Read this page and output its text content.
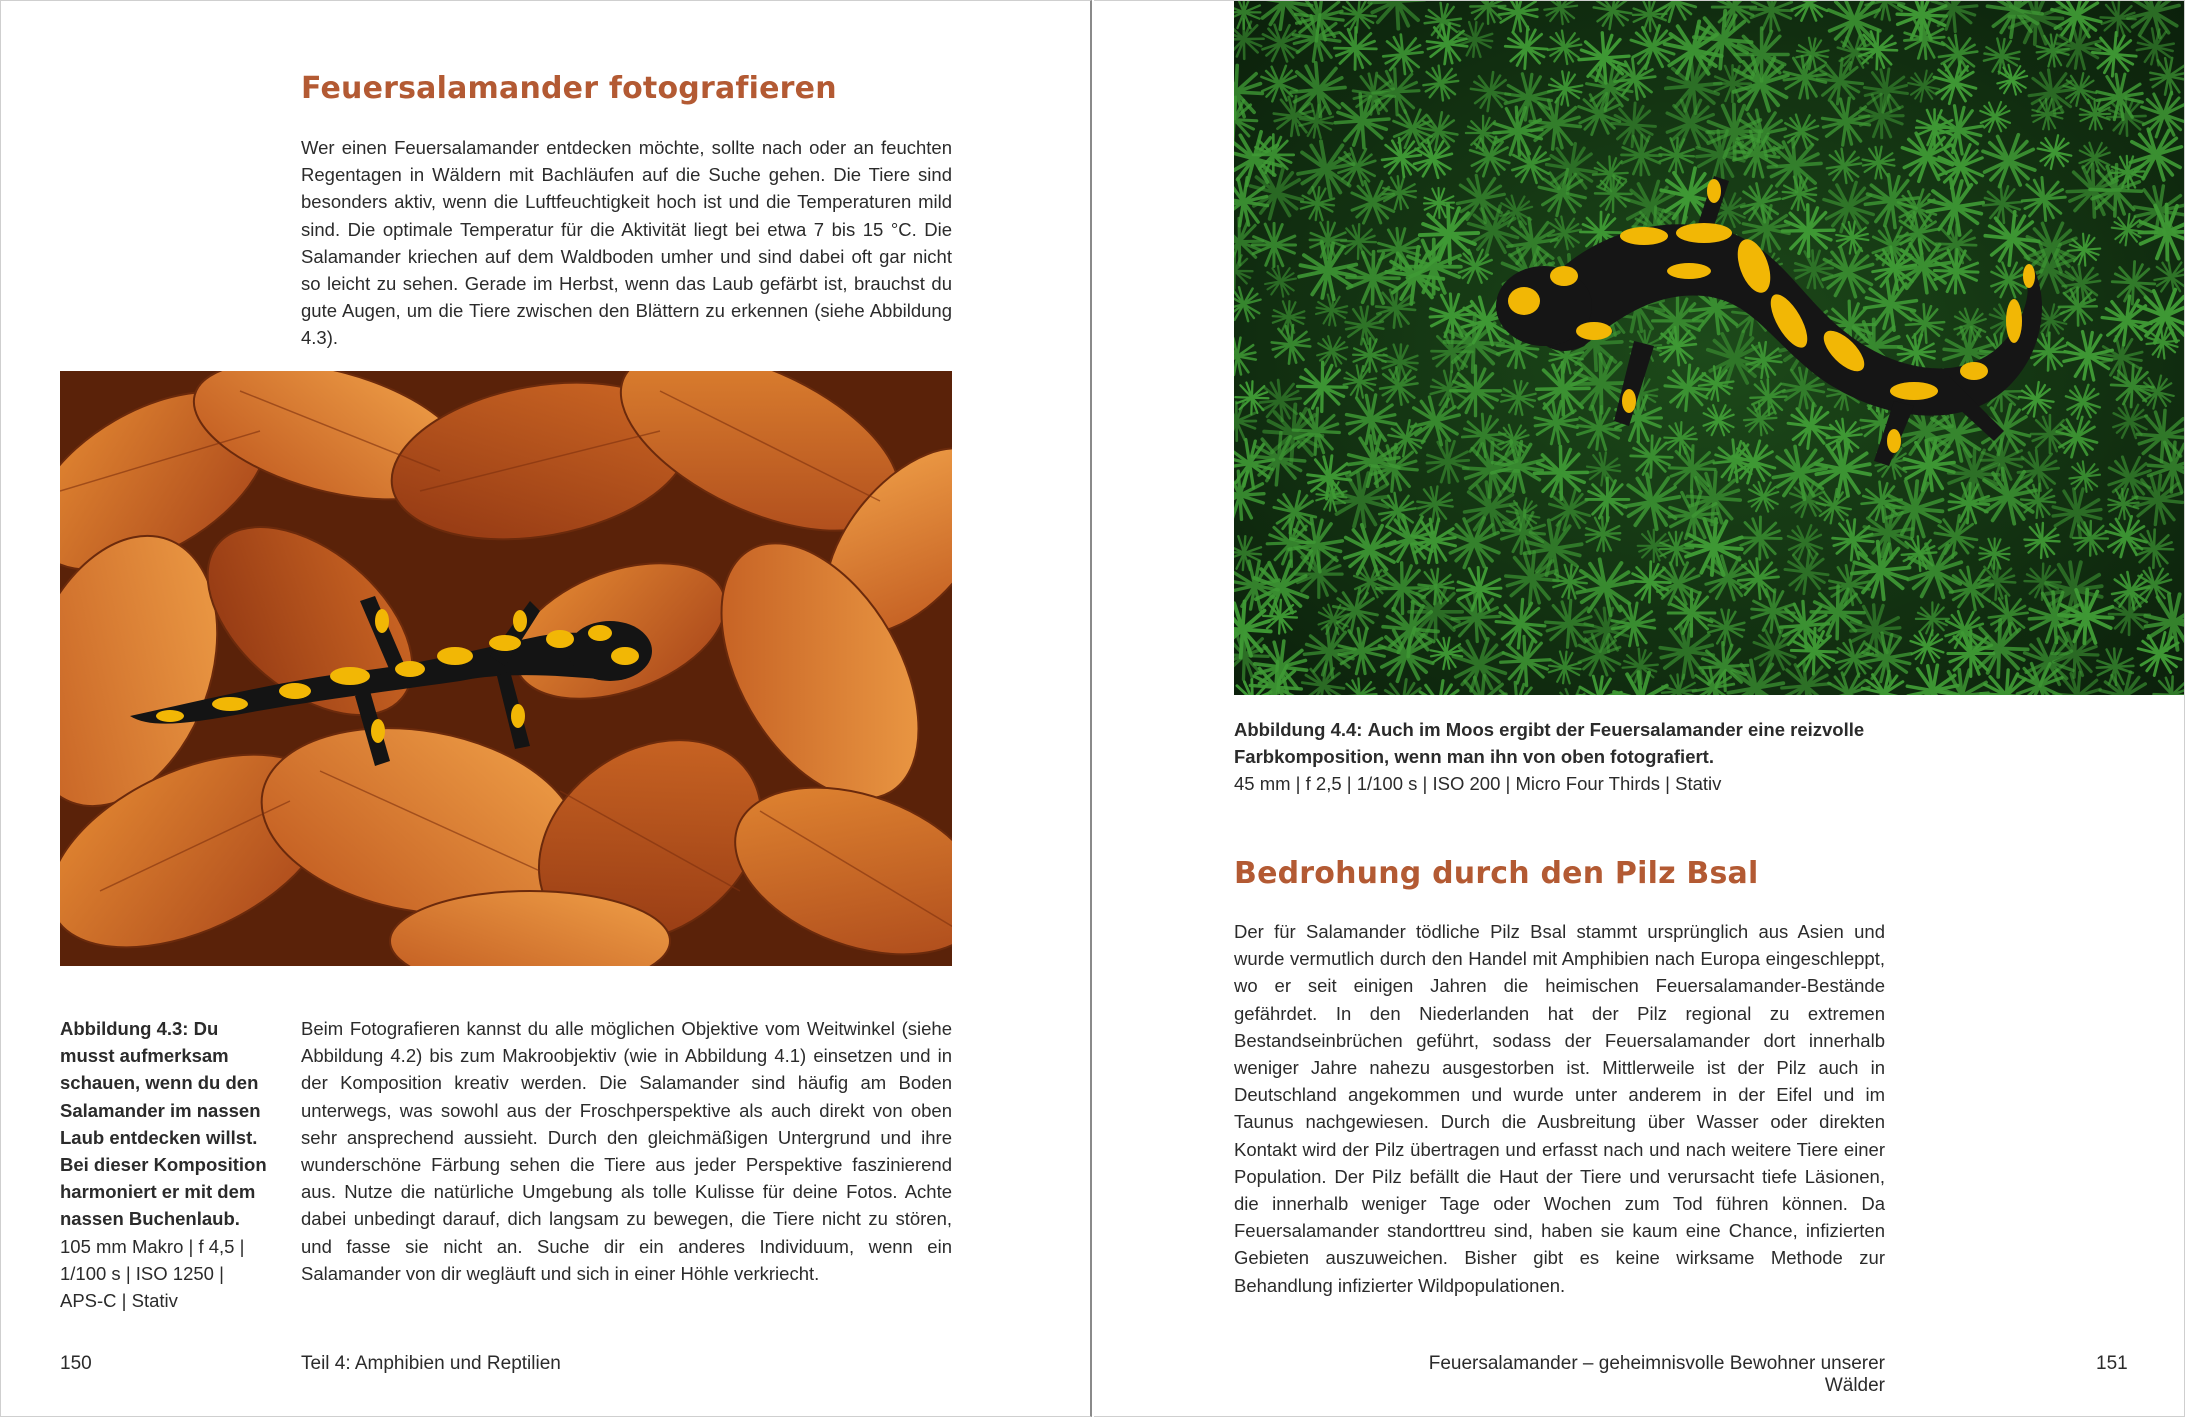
Feuersalamander fotografieren

Wer einen Feuersalamander entdecken möchte, sollte nach oder an feuchten Regentagen in Wäldern mit Bachläufen auf die Suche gehen. Die Tiere sind besonders aktiv, wenn die Luftfeuchtigkeit hoch ist und die Temperaturen mild sind. Die optimale Temperatur für die Aktivität liegt bei etwa 7 bis 15 °C. Die Salamander kriechen auf dem Waldboden umher und sind dabei oft gar nicht so leicht zu sehen. Gerade im Herbst, wenn das Laub gefärbt ist, brauchst du gute Augen, um die Tiere zwischen den Blättern zu erkennen (siehe Abbildung 4.3).

Abbildung 4.3: Du musst aufmerksam schauen, wenn du den Salamander im nassen Laub entdecken willst. Bei dieser Komposition harmoniert er mit dem nassen Buchenlaub.
105 mm Makro | f 4,5 | 1/100 s | ISO 1250 | APS-C | Stativ

Beim Fotografieren kannst du alle möglichen Objektive vom Weitwinkel (siehe Abbildung 4.2) bis zum Makroobjektiv (wie in Abbildung 4.1) einsetzen und in der Komposition kreativ werden. Die Salamander sind häufig am Boden unterwegs, was sowohl aus der Froschperspektive als auch direkt von oben sehr ansprechend aussieht. Durch den gleichmäßigen Untergrund und ihre wunderschöne Färbung sehen die Tiere aus jeder Perspektive faszinierend aus. Nutze die natürliche Umgebung als tolle Kulisse für deine Fotos. Achte dabei unbedingt darauf, dich langsam zu bewegen, die Tiere nicht zu stören, und fasse sie nicht an. Suche dir ein anderes Individuum, wenn ein Salamander von dir wegläuft und sich in einer Höhle verkriecht.

150	Teil 4: Amphibien und Reptilien

Abbildung 4.4: Auch im Moos ergibt der Feuersalamander eine reizvolle Farbkomposition, wenn man ihn von oben fotografiert.
45 mm | f 2,5 | 1/100 s | ISO 200 | Micro Four Thirds | Stativ

Bedrohung durch den Pilz Bsal

Der für Salamander tödliche Pilz Bsal stammt ursprünglich aus Asien und wurde vermutlich durch den Handel mit Amphibien nach Europa eingeschleppt, wo er seit einigen Jahren die heimischen Feuersalamander-Bestände gefährdet. In den Niederlanden hat der Pilz regional zu extremen Bestandseinbrüchen geführt, sodass der Feuersalamander dort innerhalb weniger Jahre nahezu ausgestorben ist. Mittlerweile ist der Pilz auch in Deutschland angekommen und wurde unter anderem in der Eifel und im Taunus nachgewiesen. Durch die Ausbreitung über Wasser oder direkten Kontakt wird der Pilz übertragen und erfasst nach und nach weitere Tiere einer Population. Der Pilz befällt die Haut der Tiere und verursacht tiefe Läsionen, die innerhalb weniger Tage oder Wochen zum Tod führen können. Da Feuersalamander standorttreu sind, haben sie kaum eine Chance, infizierten Gebieten auszuweichen. Bisher gibt es keine wirksame Methode zur Behandlung infizierter Wildpopulationen.

Feuersalamander – geheimnisvolle Bewohner unserer Wälder
151
